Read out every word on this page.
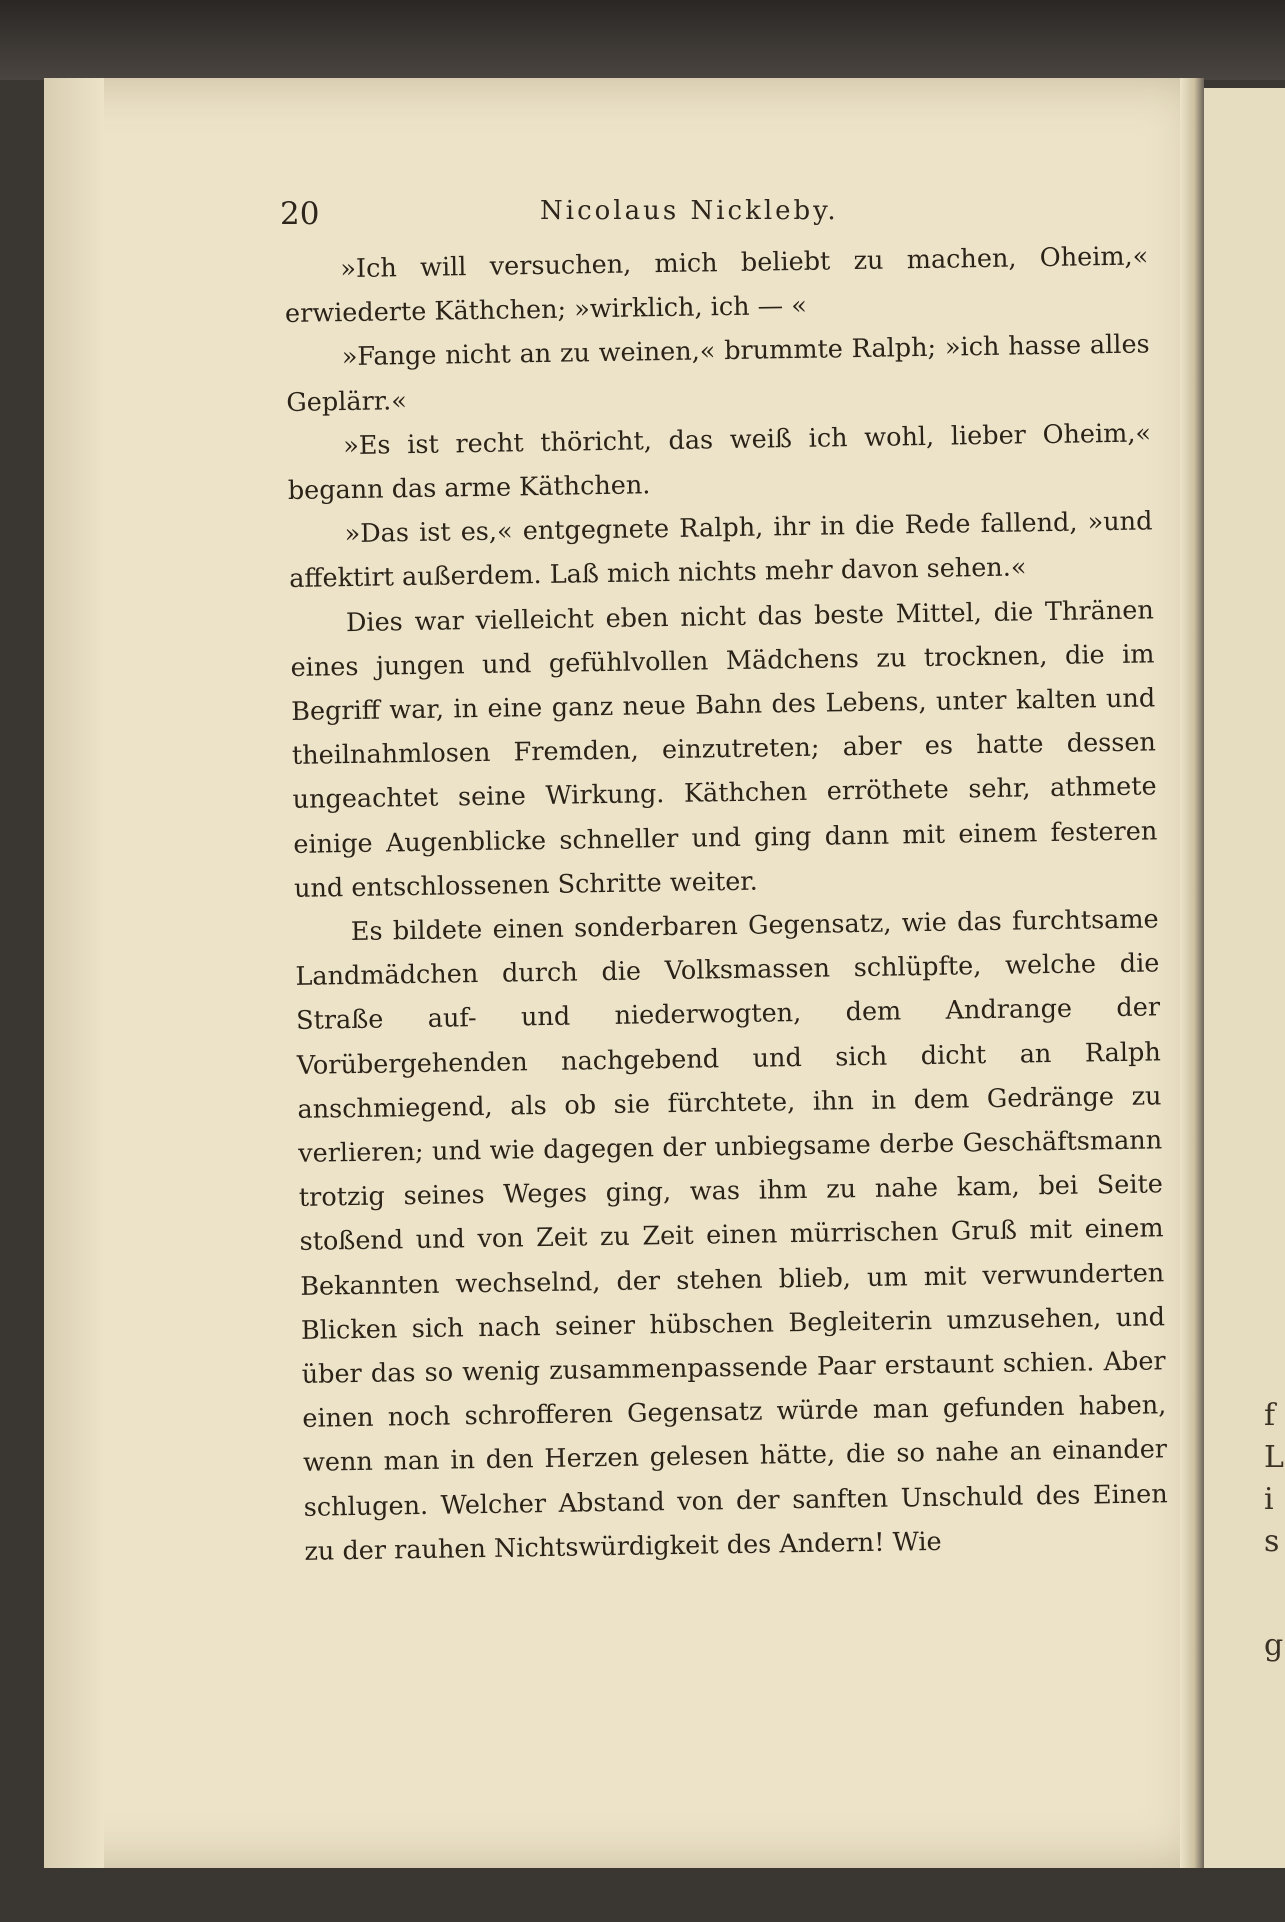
f
L
i
s
g
20	Nicolaus Nickleby.

»Ich will versuchen, mich beliebt zu machen, Oheim,« erwiederte Käthchen; »wirklich, ich — «

»Fange nicht an zu weinen,« brummte Ralph; »ich hasse alles Geplärr.«

»Es ist recht thöricht, das weiß ich wohl, lieber Oheim,« begann das arme Käthchen.

»Das ist es,« entgegnete Ralph, ihr in die Rede fallend, »und affektirt außerdem. Laß mich nichts mehr davon sehen.«

Dies war vielleicht eben nicht das beste Mittel, die Thränen eines jungen und gefühlvollen Mädchens zu trocknen, die im Begriff war, in eine ganz neue Bahn des Lebens, unter kalten und theilnahmlosen Fremden, einzutreten; aber es hatte dessen ungeachtet seine Wirkung. Käthchen erröthete sehr, athmete einige Augenblicke schneller und ging dann mit einem festeren und entschlossenen Schritte weiter.

Es bildete einen sonderbaren Gegensatz, wie das furchtsame Landmädchen durch die Volksmassen schlüpfte, welche die Straße auf- und niederwogten, dem Andrange der Vorübergehenden nachgebend und sich dicht an Ralph anschmiegend, als ob sie fürchtete, ihn in dem Gedränge zu verlieren; und wie dagegen der unbiegsame derbe Geschäftsmann trotzig seines Weges ging, was ihm zu nahe kam, bei Seite stoßend und von Zeit zu Zeit einen mürrischen Gruß mit einem Bekannten wechselnd, der stehen blieb, um mit verwunderten Blicken sich nach seiner hübschen Begleiterin umzusehen, und über das so wenig zusammenpassende Paar erstaunt schien. Aber einen noch schrofferen Gegensatz würde man gefunden haben, wenn man in den Herzen gelesen hätte, die so nahe an einander schlugen. Welcher Abstand von der sanften Unschuld des Einen zu der rauhen Nichtswürdigkeit des Andern! Wie
